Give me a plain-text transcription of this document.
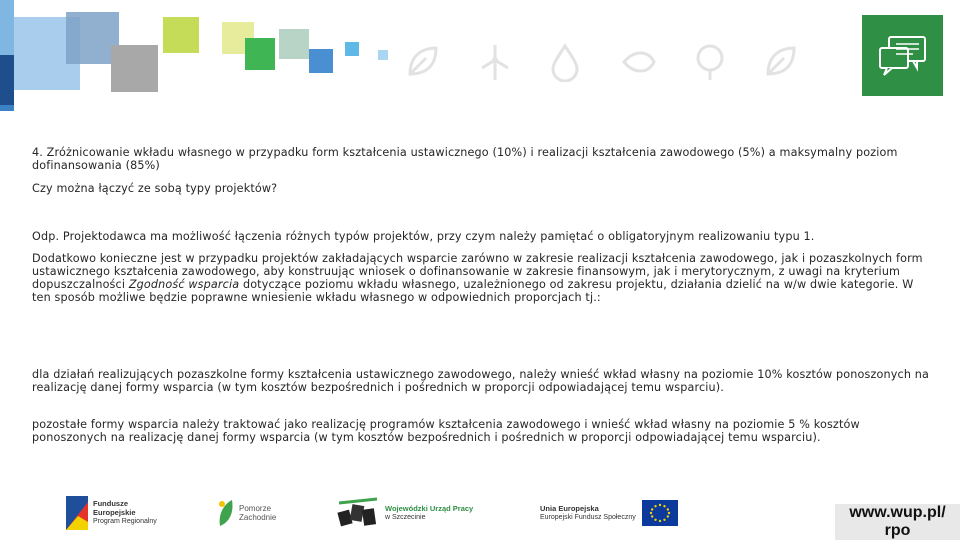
4. Zróżnicowanie wkładu własnego w przypadku form kształcenia ustawicznego (10%) i realizacji kształcenia zawodowego (5%) a maksymalny poziom dofinansowania (85%)

Czy można łączyć ze sobą typy projektów?

Odp. Projektodawca ma możliwość łączenia różnych typów projektów, przy czym należy pamiętać o obligatoryjnym realizowaniu typu 1.

Dodatkowo konieczne jest w przypadku projektów zakładających wsparcie zarówno w zakresie realizacji kształcenia zawodowego, jak i pozaszkolnych form ustawicznego kształcenia zawodowego, aby konstruując wniosek o dofinansowanie w zakresie finansowym, jak i merytorycznym, z uwagi na kryterium dopuszczalności Zgodność wsparcia dotyczące poziomu wkładu własnego, uzależnionego od zakresu projektu, działania dzielić na w/w dwie kategorie. W ten sposób możliwe będzie poprawne wniesienie wkładu własnego w odpowiednich proporcjach tj.:

dla działań realizujących pozaszkolne formy kształcenia ustawicznego zawodowego, należy wnieść wkład własny na poziomie 10% kosztów ponoszonych na realizację danej formy wsparcia (w tym kosztów bezpośrednich i pośrednich w proporcji odpowiadającej temu wsparciu).

pozostałe formy wsparcia należy traktować jako realizację programów kształcenia zawodowego i wnieść wkład własny na poziomie 5 % kosztów ponoszonych na realizację danej formy wsparcia (w tym kosztów bezpośrednich i pośrednich w proporcji odpowiadającej temu wsparciu).

Fundusze
Europejskie
Program Regionalny
Pomorze
Zachodnie
Wojewódzki Urząd Pracy
w Szczecinie
Unia Europejska
Europejski Fundusz Społeczny	www.wup.pl/
rpo
